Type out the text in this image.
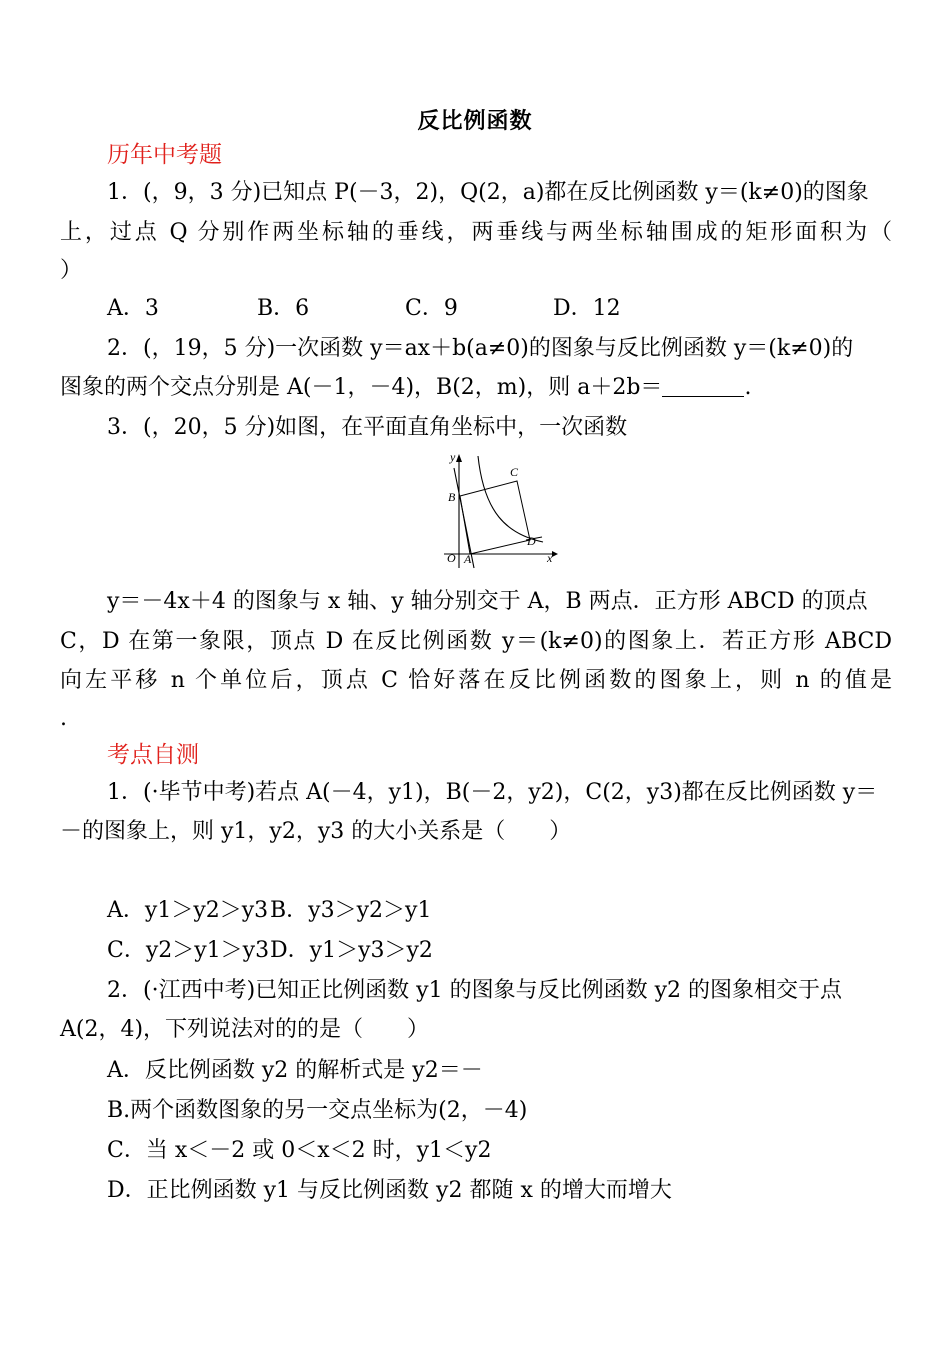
反比例函数
历年中考题
1．(，9，3 分)已知点 P(－3，2)，Q(2，a)都在反比例函数 y＝(k≠0)的图象
上，过点 Q 分别作两坐标轴的垂线，两垂线与两坐标轴围成的矩形面积为（
）
A．3	B．6	C．9	D．12
2．(，19，5 分)一次函数 y＝ax＋b(a≠0)的图象与反比例函数 y＝(k≠0)的
图象的两个交点分别是 A(－1，－4)，B(2，m)，则 a＋2b＝	.
3．(，20，5 分)如图，在平面直角坐标中，一次函数
y
x
O A
B
C
D
y＝－4x＋4 的图象与 x 轴、y 轴分别交于 A，B 两点．正方形 ABCD 的顶点
C，D 在第一象限，顶点 D 在反比例函数 y＝(k≠0)的图象上．若正方形 ABCD
向左平移 n 个单位后，顶点 C 恰好落在反比例函数的图象上，则 n 的值是
.
考点自测
1．(·毕节中考)若点 A(－4，y1)，B(－2，y2)，C(2，y3)都在反比例函数 y＝
－的图象上，则 y1，y2，y3 的大小关系是（　　）
A．y1＞y2＞y3 B．y3＞y2＞y1
C．y2＞y1＞y3 D．y1＞y3＞y2
2．(·江西中考)已知正比例函数 y1 的图象与反比例函数 y2 的图象相交于点
A(2，4)，下列说法对的的是（　　）
A．反比例函数 y2 的解析式是 y2＝－
B.两个函数图象的另一交点坐标为(2，－4)
C．当 x＜－2 或 0＜x＜2 时，y1＜y2
D．正比例函数 y1 与反比例函数 y2 都随 x 的增大而增大
